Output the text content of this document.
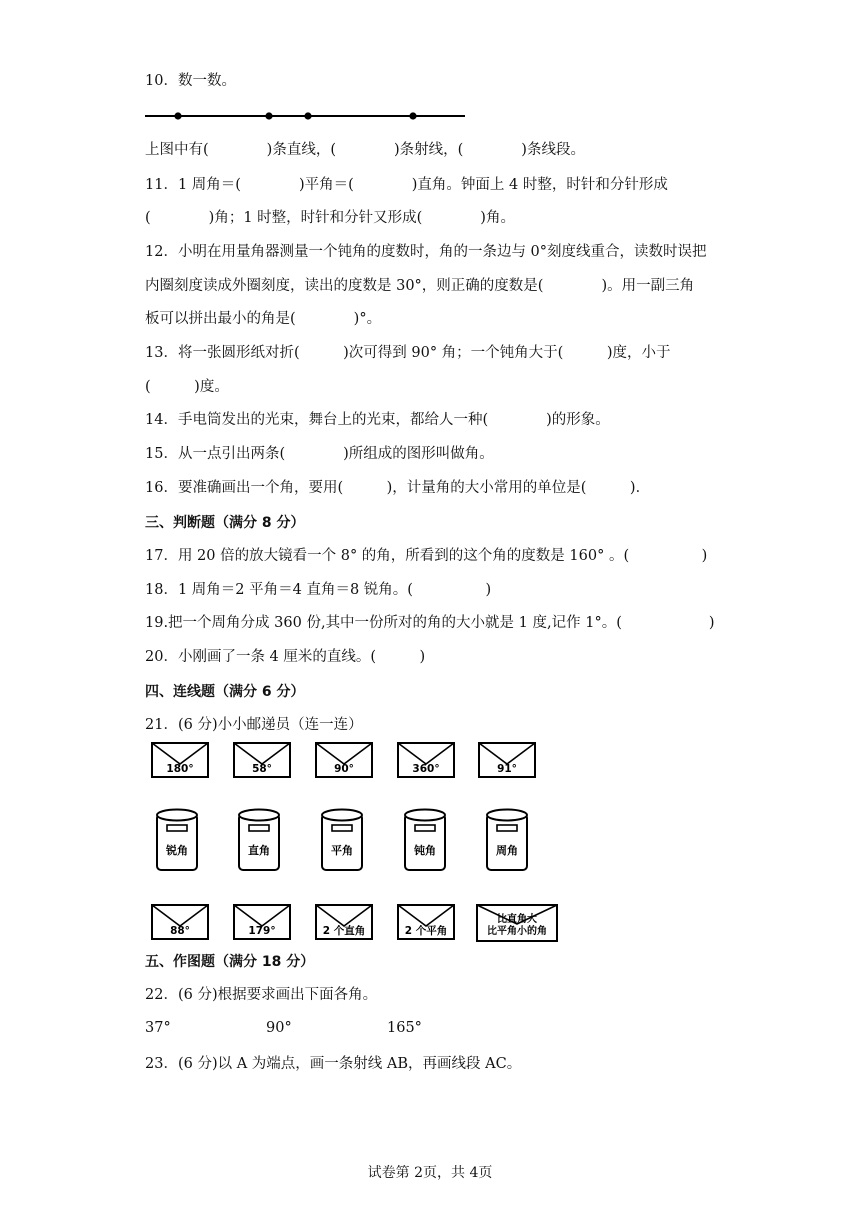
10．数一数。
上图中有(　　　　)条直线，(　　　　)条射线，(　　　　)条线段。
11．1 周角＝(　　　　)平角＝(　　　　)直角。钟面上 4 时整，时针和分针形成
(　　　　)角；1 时整，时针和分针又形成(　　　　)角。
12．小明在用量角器测量一个钝角的度数时，角的一条边与 0°刻度线重合，读数时误把
内圈刻度读成外圈刻度，读出的度数是 30°，则正确的度数是(　　　　)。用一副三角
板可以拼出最小的角是(　　　　)°。
13．将一张圆形纸对折(　　　)次可得到 90° 角；一个钝角大于(　　　)度，小于
(　　　)度。
14．手电筒发出的光束，舞台上的光束，都给人一种(　　　　)的形象。
15．从一点引出两条(　　　　)所组成的图形叫做角。
16．要准确画出一个角，要用(　　　)，计量角的大小常用的单位是(　　　)．
三、判断题（满分 8 分）
17．用 20 倍的放大镜看一个 8° 的角，所看到的这个角的度数是 160° 。(　　　　　)
18．1 周角＝2 平角＝4 直角＝8 锐角。(　　　　　)
19.把一个周角分成 360 份,其中一份所对的角的大小就是 1 度,记作 1°。(　　　　　　)
20．小刚画了一条 4 厘米的直线。(　　　)
四、连线题（满分 6 分）
21．(6 分)小小邮递员（连一连）
180°	58°	90°	360°	91°
锐角	直角	平角	钝角	周角
88°	179°	2 个直角	2 个平角
比直角大
比平角小的角
五、作图题（满分 18 分）
22．(6 分)根据要求画出下面各角。
37°	90°	165°
23．(6 分)以 A 为端点，画一条射线 AB，再画线段 AC。
试卷第 2页，共 4页
